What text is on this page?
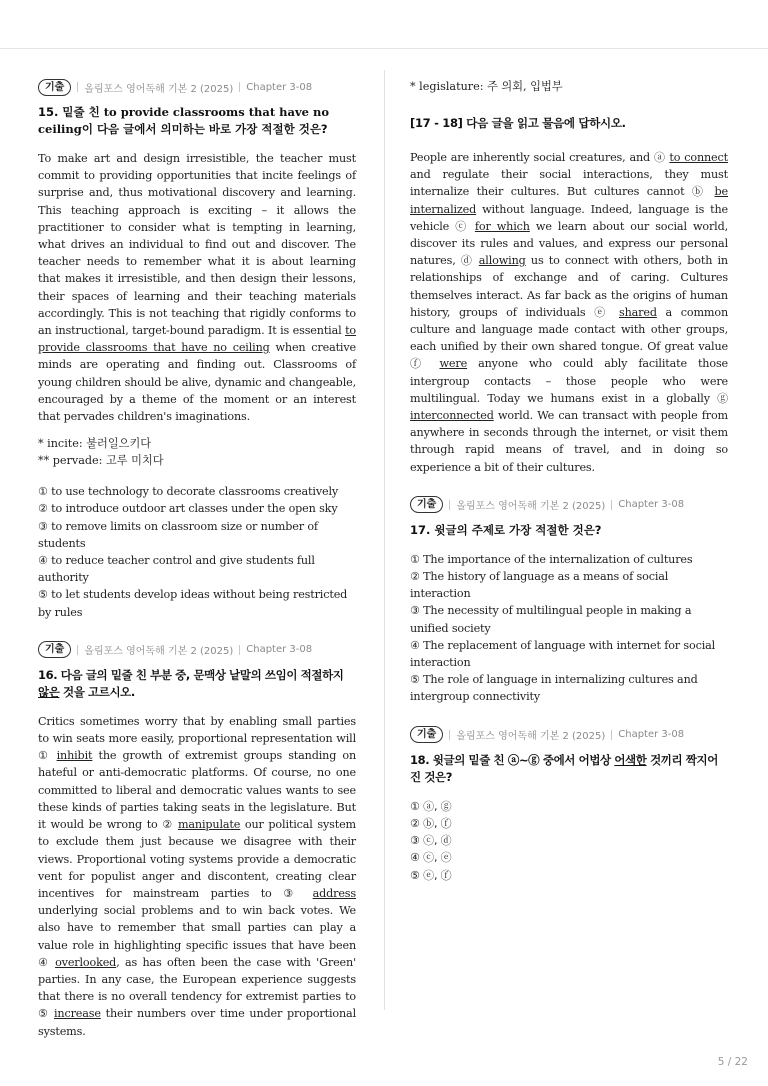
기출	올림포스 영어독해 기본 2 (2025) Chapter 3-08
15. 밑줄 친 to provide classrooms that have no ceiling이 다음 글에서 의미하는 바로 가장 적절한 것은?

To make art and design irresistible, the teacher must commit to providing opportunities that incite feelings of surprise and, thus motivational discovery and learning. This teaching approach is exciting – it allows the practitioner to consider what is tempting in learning, what drives an individual to find out and discover. The teacher needs to remember what it is about learning that makes it irresistible, and then design their lessons, their spaces of learning and their teaching materials accordingly. This is not teaching that rigidly conforms to an instructional, target-bound paradigm. It is essential to provide classrooms that have no ceiling when creative minds are operating and finding out. Classrooms of young children should be alive, dynamic and changeable, encouraged by a theme of the moment or an interest that pervades children's imaginations.

* incite: 불러일으키다
** pervade: 고루 미치다
① to use technology to decorate classrooms creatively
② to introduce outdoor art classes under the open sky
③ to remove limits on classroom size or number of students
④ to reduce teacher control and give students full authority
⑤ to let students develop ideas without being restricted by rules
기출	올림포스 영어독해 기본 2 (2025) Chapter 3-08
16. 다음 글의 밑줄 친 부분 중, 문맥상 낱말의 쓰임이 적절하지 않은 것을 고르시오.

Critics sometimes worry that by enabling small parties to win seats more easily, proportional representation will ① inhibit the growth of extremist groups standing on hateful or anti-democratic platforms. Of course, no one committed to liberal and democratic values wants to see these kinds of parties taking seats in the legislature. But it would be wrong to ② manipulate our political system to exclude them just because we disagree with their views. Proportional voting systems provide a democratic vent for populist anger and discontent, creating clear incentives for mainstream parties to ③ address underlying social problems and to win back votes. We also have to remember that small parties can play a value role in highlighting specific issues that have been ④ overlooked, as has often been the case with 'Green' parties. In any case, the European experience suggests that there is no overall tendency for extremist parties to ⑤ increase their numbers over time under proportional systems.

* legislature: 주 의회, 입법부
[17 - 18] 다음 글을 읽고 물음에 답하시오.

People are inherently social creatures, and ⓐ to connect and regulate their social interactions, they must internalize their cultures. But cultures cannot ⓑ be internalized without language. Indeed, language is the vehicle ⓒ for which we learn about our social world, discover its rules and values, and express our personal natures, ⓓ allowing us to connect with others, both in relationships of exchange and of caring. Cultures themselves interact. As far back as the origins of human history, groups of individuals ⓔ shared a common culture and language made contact with other groups, each unified by their own shared tongue. Of great value ⓕ were anyone who could ably facilitate those intergroup contacts – those people who were multilingual. Today we humans exist in a globally ⓖ interconnected world. We can transact with people from anywhere in seconds through the internet, or visit them through rapid means of travel, and in doing so experience a bit of their cultures.

기출	올림포스 영어독해 기본 2 (2025) Chapter 3-08
17. 윗글의 주제로 가장 적절한 것은?
① The importance of the internalization of cultures
② The history of language as a means of social interaction
③ The necessity of multilingual people in making a unified society
④ The replacement of language with internet for social interaction
⑤ The role of language in internalizing cultures and intergroup connectivity
기출	올림포스 영어독해 기본 2 (2025) Chapter 3-08
18. 윗글의 밑줄 친 ⓐ~ⓖ 중에서 어법상 어색한 것끼리 짝지어진 것은?
① ⓐ, ⓖ
② ⓑ, ⓕ
③ ⓒ, ⓓ
④ ⓒ, ⓔ
⑤ ⓔ, ⓕ
5 / 22
